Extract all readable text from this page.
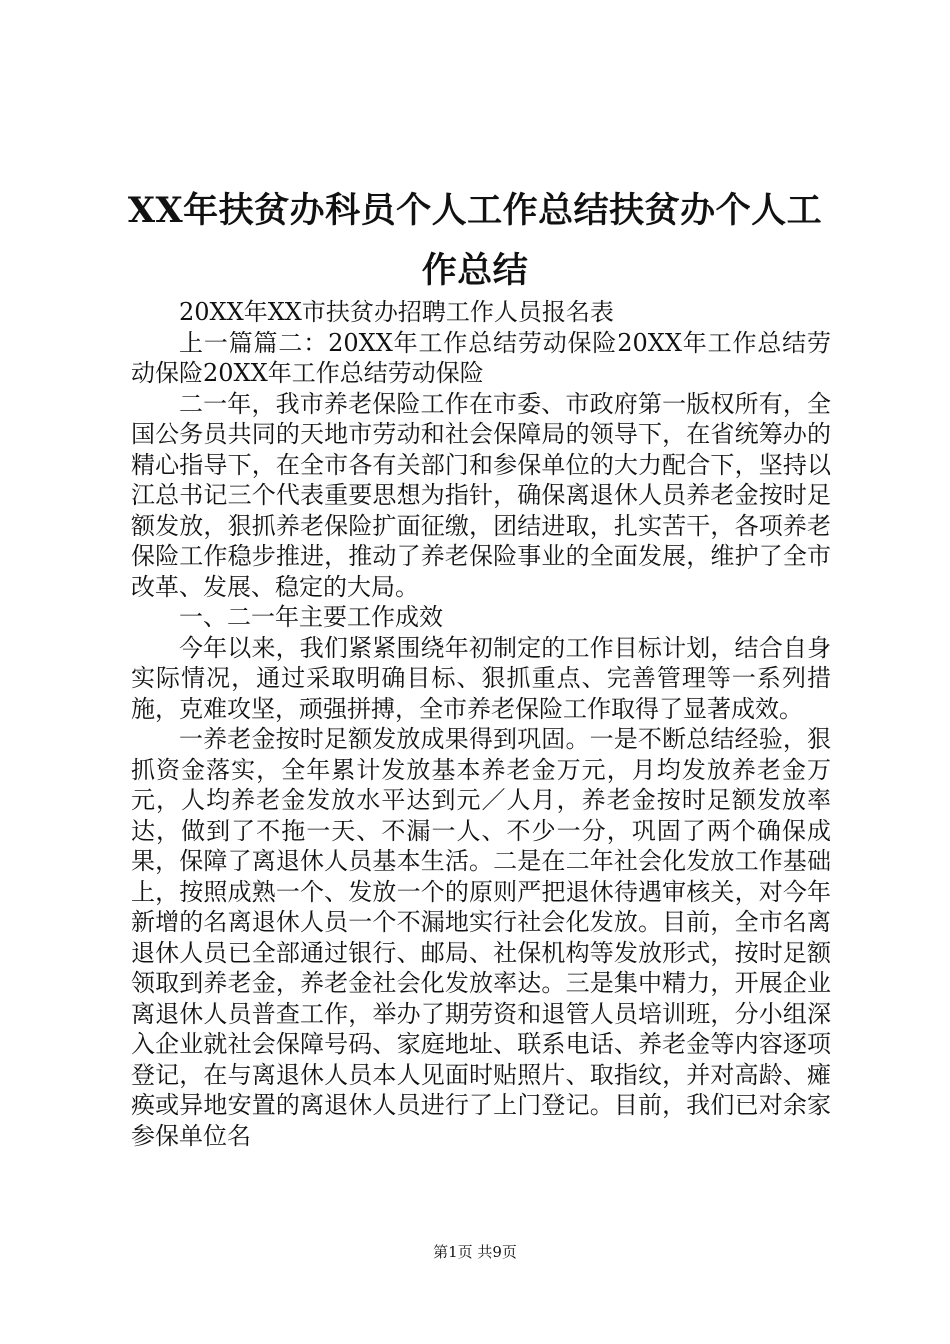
XX年扶贫办科员个人工作总结扶贫办个人工作总结

20XX年XX市扶贫办招聘工作人员报名表

上一篇篇二：20XX年工作总结劳动保险20XX年工作总结劳动保险20XX年工作总结劳动保险

二一年，我市养老保险工作在市委、市政府第一版权所有，全国公务员共同的天地市劳动和社会保障局的领导下，在省统筹办的精心指导下，在全市各有关部门和参保单位的大力配合下，坚持以江总书记三个代表重要思想为指针，确保离退休人员养老金按时足额发放，狠抓养老保险扩面征缴，团结进取，扎实苦干，各项养老保险工作稳步推进，推动了养老保险事业的全面发展，维护了全市改革、发展、稳定的大局。

一、二一年主要工作成效

今年以来，我们紧紧围绕年初制定的工作目标计划，结合自身实际情况，通过采取明确目标、狠抓重点、完善管理等一系列措施，克难攻坚，顽强拼搏，全市养老保险工作取得了显著成效。

一养老金按时足额发放成果得到巩固。一是不断总结经验，狠抓资金落实，全年累计发放基本养老金万元，月均发放养老金万元，人均养老金发放水平达到元／人月，养老金按时足额发放率达，做到了不拖一天、不漏一人、不少一分，巩固了两个确保成果，保障了离退休人员基本生活。二是在二年社会化发放工作基础上，按照成熟一个、发放一个的原则严把退休待遇审核关，对今年新增的名离退休人员一个不漏地实行社会化发放。目前，全市名离退休人员已全部通过银行、邮局、社保机构等发放形式，按时足额领取到养老金，养老金社会化发放率达。三是集中精力，开展企业离退休人员普查工作，举办了期劳资和退管人员培训班，分小组深入企业就社会保障号码、家庭地址、联系电话、养老金等内容逐项登记，在与离退休人员本人见面时贴照片、取指纹，并对高龄、瘫痪或异地安置的离退休人员进行了上门登记。目前，我们已对余家参保单位名

第1页 共9页
